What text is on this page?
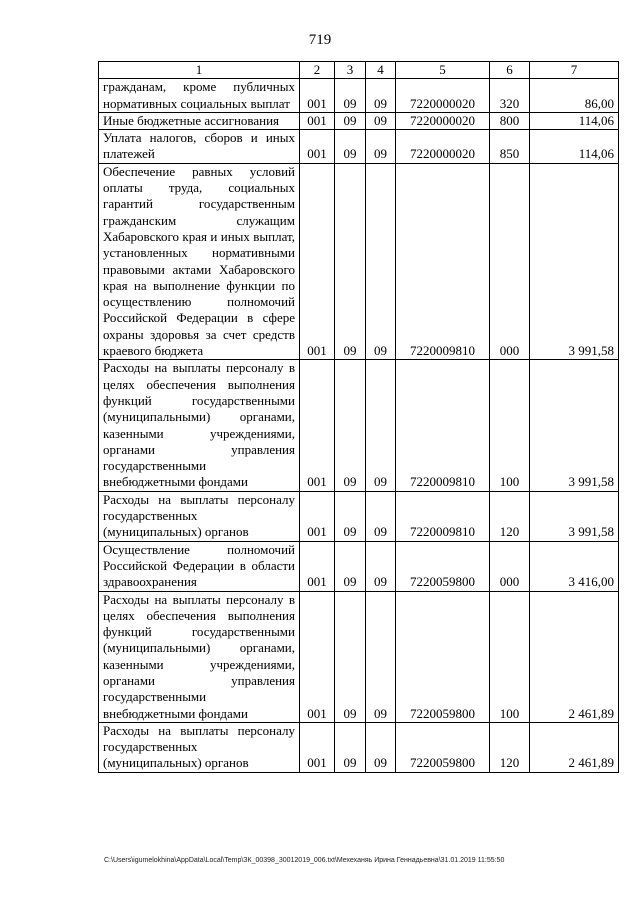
719
1	2	3	4	5	6	7
гражданам, кроме публичных нормативных социальных выплат	001	09	09	7220000020	320	86,00
Иные бюджетные ассигнования	001	09	09	7220000020	800	114,06
Уплата налогов, сборов и иных платежей	001	09	09	7220000020	850	114,06
Обеспечение равных условий оплаты труда, социальных гарантий государственным гражданским служащим Хабаровского края и иных выплат, установленных нормативными правовыми актами Хабаровского края на выполнение функции по осуществлению полномочий Российской Федерации в сфере охраны здоровья за счет средств краевого бюджета	001	09	09	7220009810	000	3 991,58
Расходы на выплаты персоналу в целях обеспечения выполнения функций государственными (муниципальными) органами, казенными учреждениями, органами управления государственными внебюджетными фондами	001	09	09	7220009810	100	3 991,58
Расходы на выплаты персоналу государственных (муниципальных) органов	001	09	09	7220009810	120	3 991,58
Осуществление полномочий Российской Федерации в области здравоохранения	001	09	09	7220059800	000	3 416,00
Расходы на выплаты персоналу в целях обеспечения выполнения функций государственными (муниципальными) органами, казенными учреждениями, органами управления государственными внебюджетными фондами	001	09	09	7220059800	100	2 461,89
Расходы на выплаты персоналу государственных (муниципальных) органов	001	09	09	7220059800	120	2 461,89
C:\Users\igumelokhina\AppData\Local\Temp\ЗК_00398_30012019_006.txt\Мехеханяь Ирина Геннадьевна\31.01.2019 11:55:50
